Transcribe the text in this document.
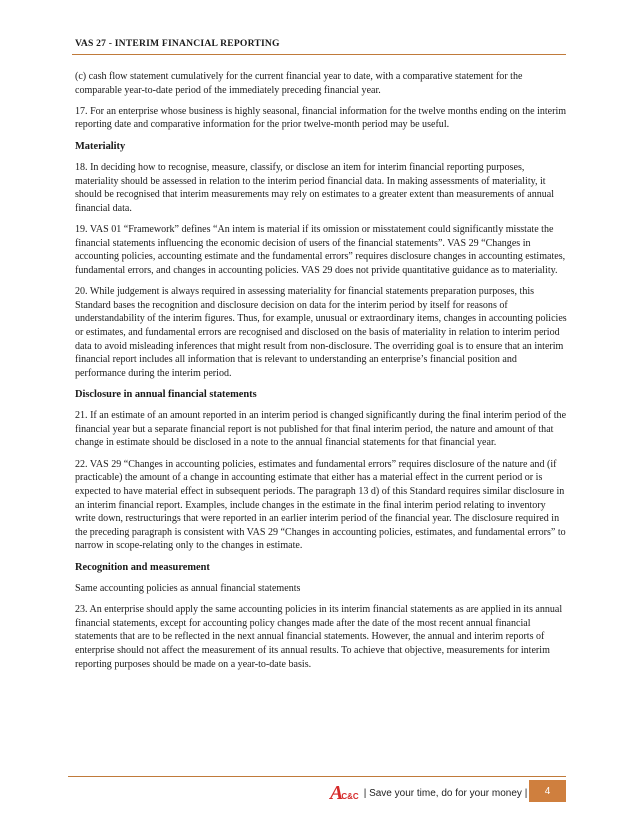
VAS 27 - INTERIM FINANCIAL REPORTING

(c) cash flow statement cumulatively for the current financial year to date, with a comparative statement for the comparable year-to-date period of the immediately preceding financial year.

17. For an enterprise whose business is highly seasonal, financial information for the twelve months ending on the interim reporting date and comparative information for the prior twelve-month period may be useful.

Materiality

18. In deciding how to recognise, measure, classify, or disclose an item for interim financial reporting purposes, materiality should be assessed in relation to the interim period financial data. In making assessments of materiality, it should be recognised that interim measurements may rely on estimates to a greater extent than measurements of annual financial data.

19. VAS 01 “Framework” defines “An intem is material if its omission or misstatement could significantly misstate the financial statements influencing the economic decision of users of the financial statements”. VAS 29 “Changes in accounting policies, accounting estimate and the fundamental errors” requires disclosure changes in accounting estimates, fundamental errors, and changes in accounting policies. VAS 29 does not privide quantitative guidance as to materiality.

20. While judgement is always required in assessing materiality for financial statements preparation purposes, this Standard bases the recognition and disclosure decision on data for the interim period by itself for reasons of understandability of the interim figures. Thus, for example, unusual or extraordinary items, changes in accounting policies or estimates, and fundamental errors are recognised and disclosed on the basis of materiality in relation to interim period data to avoid misleading inferences that might result from non-disclosure. The overriding goal is to ensure that an interim financial report includes all information that is relevant to understanding an enterprise’s financial position and performance during the interim period.

Disclosure in annual financial statements

21. If an estimate of an amount reported in an interim period is changed significantly during the final interim period of the financial year but a separate financial report is not published for that final interim period, the nature and amount of that change in estimate should be disclosed in a note to the annual financial statements for that financial year.

22. VAS 29 “Changes in accounting policies, estimates and fundamental errors” requires disclosure of the nature and (if practicable) the amount of a change in accounting estimate that either has a material effect in the current period or is expected to have material effect in subsequent periods. The paragraph 13 d) of this Standard requires similar disclosure in an interim financial report. Examples, include changes in the estimate in the final interim period relating to inventory write down, restructurings that were reported in an earlier interim period of the financial year. The disclosure required in the preceding paragraph is consistent with VAS 29 “Changes in accounting policies, estimates, and fundamental errors” to narrow in scope-relating only to the changes in estimate.

Recognition and measurement

Same accounting policies as annual financial statements

23. An enterprise should apply the same accounting policies in its interim financial statements as are applied in its annual financial statements, except for accounting policy changes made after the date of the most recent annual financial statements that are to be reflected in the next annual financial statements. However, the annual and interim reports of enterprise should not affect the measurement of its annual results. To achieve that objective, measurements for interim reporting purposes should be made on a year-to-date basis.

A
C&C | Save your time, do for your money |	4
